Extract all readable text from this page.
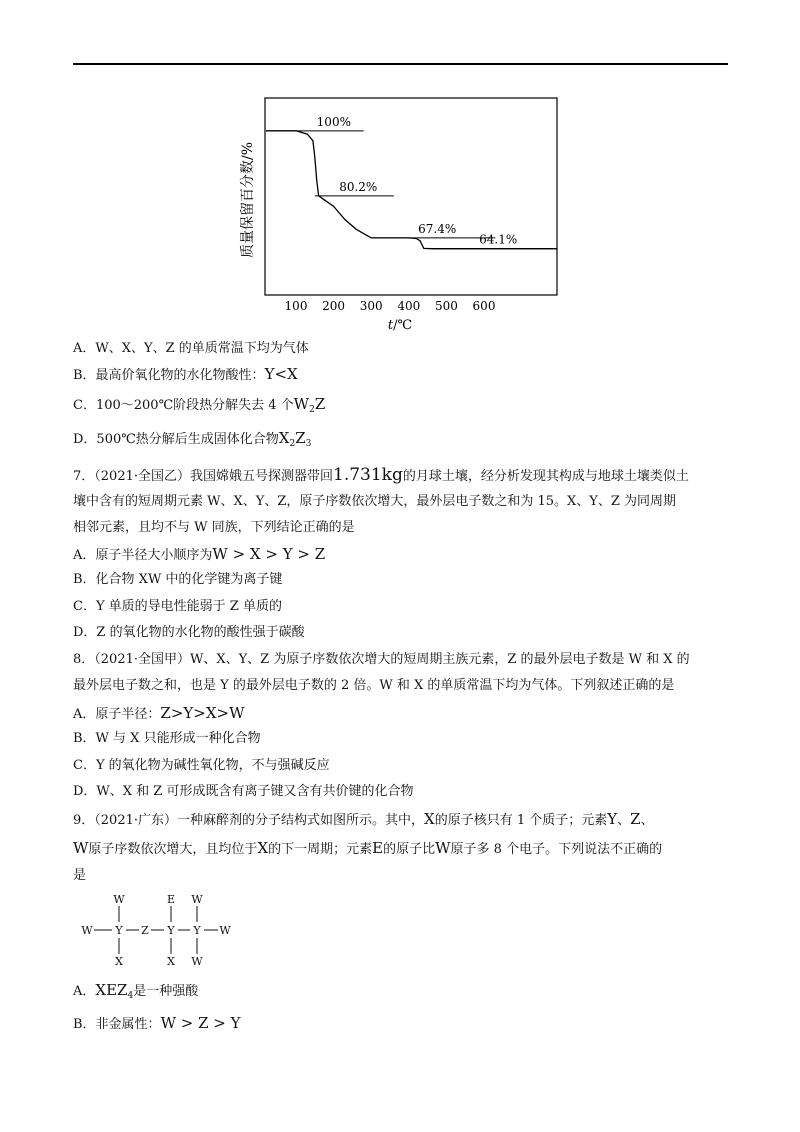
100 200 300 400 500 600
100%
80.2%
67.4%
64.1%
质量保留百分数/%
t/℃
A．W、X、Y、Z 的单质常温下均为气体
B．最高价氧化物的水化物酸性：Y<X
C．100～200℃阶段热分解失去 4 个$W_2Z$
D．500℃热分解后生成固体化合物$X_2Z_3$
7．（2021·全国乙）我国嫦娥五号探测器带回1.731kg的月球土壤，经分析发现其构成与地球土壤类似土
壤中含有的短周期元素 W、X、Y、Z，原子序数依次增大，最外层电子数之和为 15。X、Y、Z 为同周期
相邻元素，且均不与 W 同族，下列结论正确的是
A．原子半径大小顺序为W > X > Y > Z
B．化合物 XW 中的化学键为离子键
C．Y 单质的导电性能弱于 Z 单质的
D．Z 的氧化物的水化物的酸性强于碳酸
8．（2021·全国甲）W、X、Y、Z 为原子序数依次增大的短周期主族元素，Z 的最外层电子数是 W 和 X 的
最外层电子数之和，也是 Y 的最外层电子数的 2 倍。W 和 X 的单质常温下均为气体。下列叙述正确的是
A．原子半径：Z>Y>X>W
B．W 与 X 只能形成一种化合物
C．Y 的氧化物为碱性氧化物，不与强碱反应
D．W、X 和 Z 可形成既含有离子键又含有共价键的化合物
9．（2021·广东）一种麻醉剂的分子结构式如图所示。其中，X的原子核只有 1 个质子；元素Y、Z、
W原子序数依次增大，且均位于X的下一周期；元素E的原子比W原子多 8 个电子。下列说法不正确的
是
W
W Y Z Y Y W
E W
X	X W
A．$XEZ_4$是一种强酸
B．非金属性：W > Z > Y
